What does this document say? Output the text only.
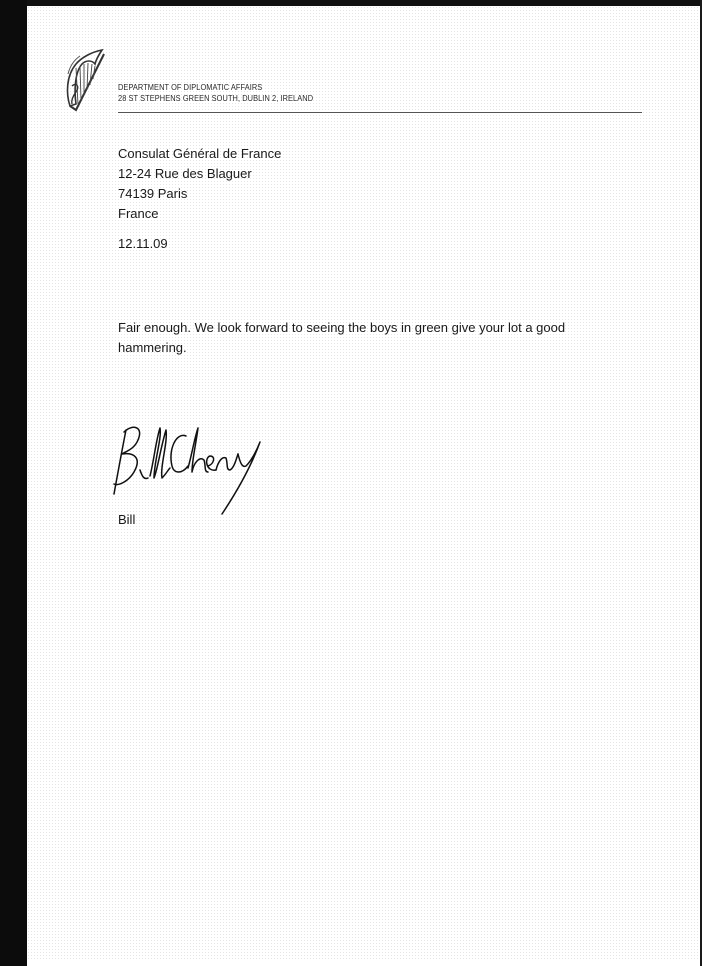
DEPARTMENT OF DIPLOMATIC AFFAIRS
28 ST STEPHENS GREEN SOUTH, DUBLIN 2, IRELAND
Consulat Général de France
12-24 Rue des Blaguer
74139 Paris
France
12.11.09
Fair enough. We look forward to seeing the boys in green give your lot a good hammering.
Bill
